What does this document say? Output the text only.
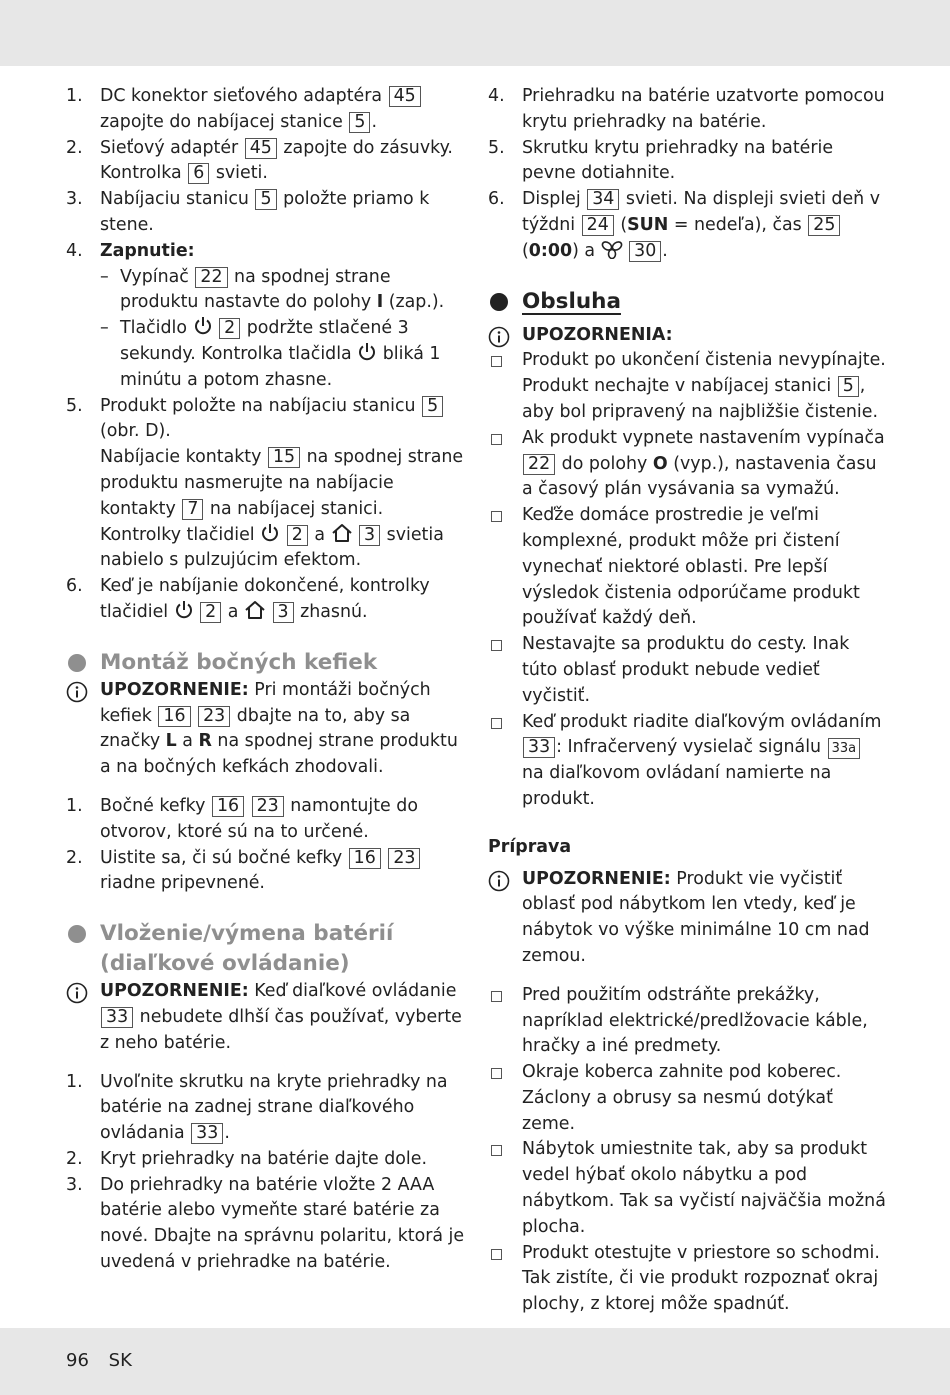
1. DC konektor sieťového adaptéra 45 zapojte do nabíjacej stanice 5 .
2. Sieťový adaptér 45 zapojte do zásuvky. Kontrolka 6 svieti.
3. Nabíjaciu stanicu 5 položte priamo k stene.
4. Zapnutie:
– Vypínač 22 na spodnej strane produktu nastavte do polohy I (zap.).
– Tlačidlo 2 podržte stlačené 3 sekundy. Kontrolka tlačidla bliká 1 minútu a potom zhasne.
5. Produkt položte na nabíjaciu stanicu 5 (obr. D).
Nabíjacie kontakty 15 na spodnej strane produktu nasmerujte na nabíjacie kontakty 7 na nabíjacej stanici.
Kontrolky tlačidiel 2 a 3 svietia nabielo s pulzujúcim efektom.
6. Keď je nabíjanie dokončené, kontrolky tlačidiel 2 a 3 zhasnú.
Montáž bočných kefiek
UPOZORNENIE: Pri montáži bočných kefiek 16 23 dbajte na to, aby sa značky L a R na spodnej strane produktu a na bočných kefkách zhodovali.
1. Bočné kefky 16 23 namontujte do otvorov, ktoré sú na to určené.
2. Uistite sa, či sú bočné kefky 16 23 riadne pripevnené.
Vloženie/výmena batérií (diaľkové ovládanie)
UPOZORNENIE: Keď diaľkové ovládanie 33 nebudete dlhší čas používať, vyberte z neho batérie.
1. Uvoľnite skrutku na kryte priehradky na batérie na zadnej strane diaľkového ovládania 33 .
2. Kryt priehradky na batérie dajte dole.
3. Do priehradky na batérie vložte 2 AAA batérie alebo vymeňte staré batérie za nové. Dbajte na správnu polaritu, ktorá je uvedená v priehradke na batérie.
4. Priehradku na batérie uzatvorte pomocou krytu priehradky na batérie.
5. Skrutku krytu priehradky na batérie pevne dotiahnite.
6. Displej 34 svieti. Na displeji svieti deň v týždni 24 (SUN = nedeľa), čas 25 (0:00) a 30 .
Obsluha
UPOZORNENIA:
Produkt po ukončení čistenia nevypínajte. Produkt nechajte v nabíjacej stanici 5 , aby bol pripravený na najbližšie čistenie.
Ak produkt vypnete nastavením vypínača 22 do polohy O (vyp.), nastavenia času a časový plán vysávania sa vymažú.
Keďže domáce prostredie je veľmi komplexné, produkt môže pri čistení vynechať niektoré oblasti. Pre lepší výsledok čistenia odporúčame produkt používať každý deň.
Nestavajte sa produktu do cesty. Inak túto oblasť produkt nebude vedieť vyčistiť.
Keď produkt riadite diaľkovým ovládaním 33 : Infračervený vysielač signálu 33a na diaľkovom ovládaní namierte na produkt.
Príprava
UPOZORNENIE: Produkt vie vyčistiť oblasť pod nábytkom len vtedy, keď je nábytok vo výške minimálne 10 cm nad zemou.
Pred použitím odstráňte prekážky, napríklad elektrické/predlžovacie káble, hračky a iné predmety.
Okraje koberca zahnite pod koberec. Záclony a obrusy sa nesmú dotýkať zeme.
Nábytok umiestnite tak, aby sa produkt vedel hýbať okolo nábytku a pod nábytkom. Tak sa vyčistí najväčšia možná plocha.
Produkt otestujte v priestore so schodmi. Tak zistíte, či vie produkt rozpoznať okraj plochy, z ktorej môže spadnúť.
96 SK
